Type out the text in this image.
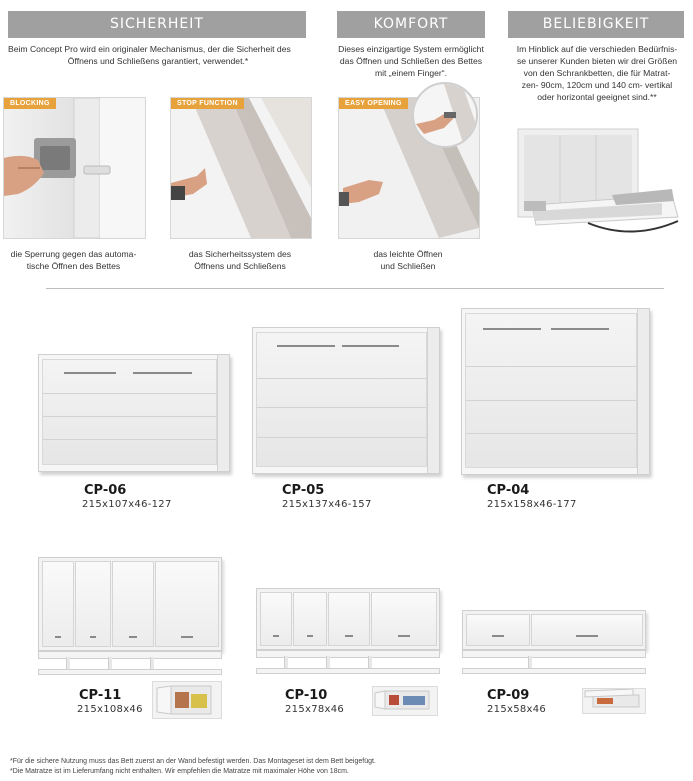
SICHERHEIT	KOMFORT	BELIEBIGKEIT
Beim Concept Pro wird ein originaler Mechanismus, der die Sicherheit des
Öffnens und Schließens garantiert, verwendet.*
Dieses einzigartige System ermöglicht
das Öffnen und Schließen des Bettes
mit „einem Finger“.
Im Hinblick auf die verschieden Bedürfnis-
se unserer Kunden bieten wir drei Größen
von den Schrankbetten, die für Matrat-
zen- 90cm, 120cm und 140 cm- vertikal
oder horizontal geeignet sind.**
BLOCKING
die Sperrung gegen das automa-
tische Öffnen des Bettes
STOP FUNCTION
das Sicherheitssystem des
Öffnens und Schließens
EASY OPENING
das leichte Öffnen
und Schließen
CP-06
215x107x46-127
CP-05
215x137x46-157
CP-04
215x158x46-177
CP-11
215x108x46
CP-10
215x78x46
CP-09
215x58x46
*Für die sichere Nutzung muss das Bett zuerst an der Wand befestigt werden. Das Montageset ist dem Bett beigefügt.
*Die Matratze ist im Lieferumfang nicht enthalten. Wir empfehlen die Matratze mit maximaler Höhe von 18cm.
